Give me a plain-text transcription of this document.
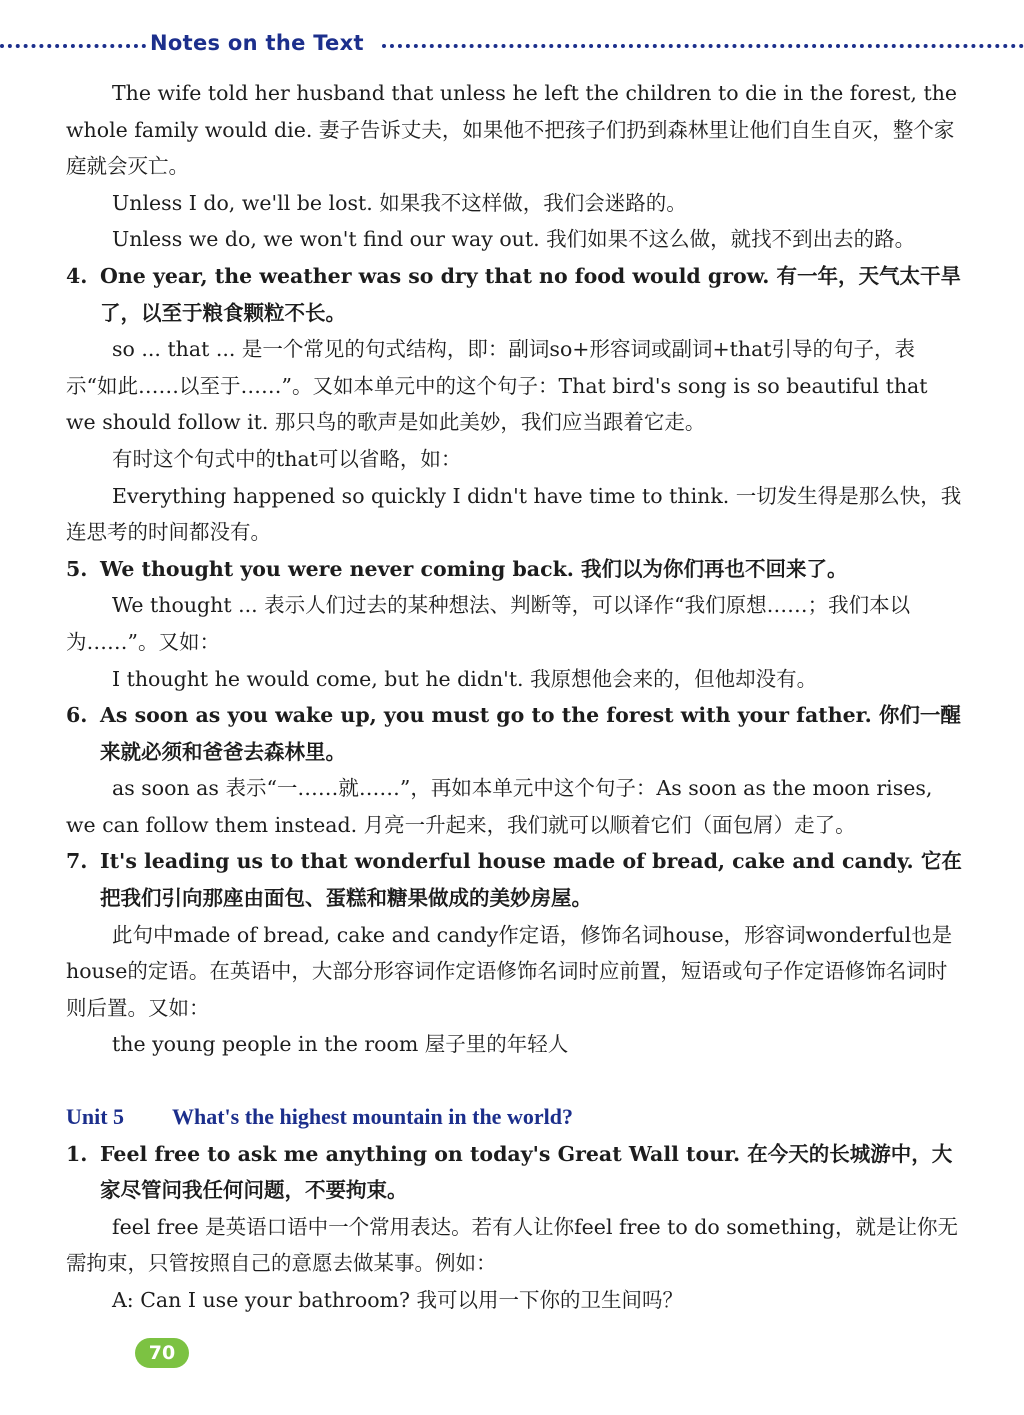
Notes on the Text

The wife told her husband that unless he left the children to die in the forest, the whole family would die. 妻子告诉丈夫，如果他不把孩子们扔到森林里让他们自生自灭，整个家庭就会灭亡。

Unless I do, we'll be lost. 如果我不这样做，我们会迷路的。

Unless we do, we won't find our way out. 我们如果不这么做，就找不到出去的路。

4. One year, the weather was so dry that no food would grow. 有一年，天气太干旱了，以至于粮食颗粒不长。

so ... that ... 是一个常见的句式结构，即：副词so+形容词或副词+that引导的句子，表示“如此……以至于……”。又如本单元中的这个句子：That bird's song is so beautiful that we should follow it. 那只鸟的歌声是如此美妙，我们应当跟着它走。

有时这个句式中的that可以省略，如：

Everything happened so quickly I didn't have time to think. 一切发生得是那么快，我连思考的时间都没有。

5. We thought you were never coming back. 我们以为你们再也不回来了。

We thought ... 表示人们过去的某种想法、判断等，可以译作“我们原想……；我们本以为……”。又如：

I thought he would come, but he didn't. 我原想他会来的，但他却没有。

6. As soon as you wake up, you must go to the forest with your father. 你们一醒来就必须和爸爸去森林里。

as soon as 表示“一……就……”，再如本单元中这个句子：As soon as the moon rises, we can follow them instead. 月亮一升起来，我们就可以顺着它们（面包屑）走了。

7. It's leading us to that wonderful house made of bread, cake and candy. 它在把我们引向那座由面包、蛋糕和糖果做成的美妙房屋。

此句中made of bread, cake and candy作定语，修饰名词house，形容词wonderful也是house的定语。在英语中，大部分形容词作定语修饰名词时应前置，短语或句子作定语修饰名词时则后置。又如：

the young people in the room 屋子里的年轻人

Unit 5 What's the highest mountain in the world?

1. Feel free to ask me anything on today's Great Wall tour. 在今天的长城游中，大家尽管问我任何问题，不要拘束。

feel free 是英语口语中一个常用表达。若有人让你feel free to do something，就是让你无需拘束，只管按照自己的意愿去做某事。例如：

A: Can I use your bathroom? 我可以用一下你的卫生间吗？

70
